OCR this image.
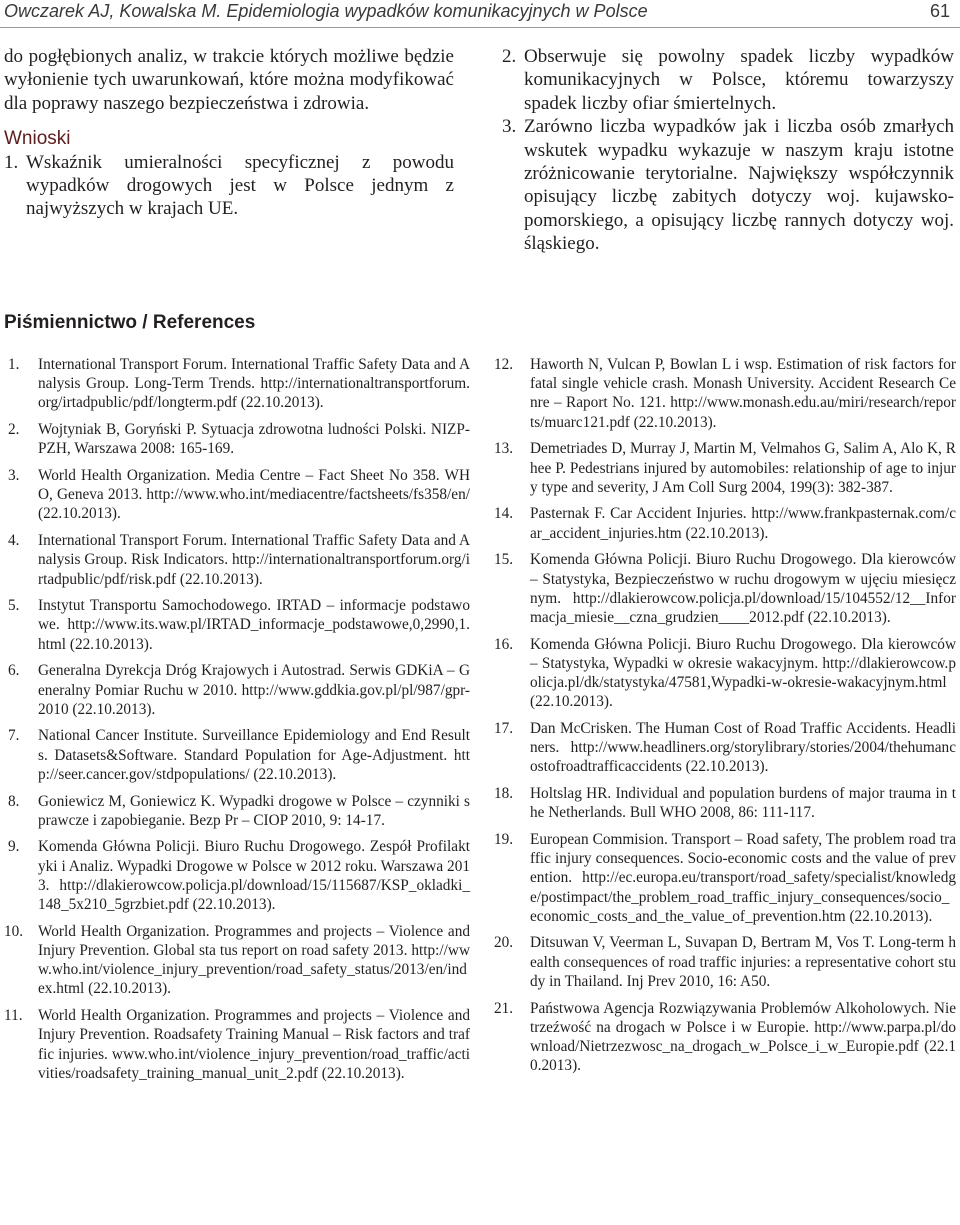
Owczarek AJ, Kowalska M. Epidemiologia wypadków komunikacyjnych w Polsce	61

do pogłębionych analiz, w trakcie których możliwe będzie wyłonienie tych uwarunkowań, które można modyfikować dla poprawy naszego bezpieczeństwa i zdrowia.

Wnioski
1. Wskaźnik umieralności specyficznej z powodu wypadków drogowych jest w Polsce jednym z najwyższych w krajach UE.
2. Obserwuje się powolny spadek liczby wypadków komunikacyjnych w Polsce, któremu towarzyszy spadek liczby ofiar śmiertelnych.
3. Zarówno liczba wypadków jak i liczba osób zmarłych wskutek wypadku wykazuje w naszym kraju istotne zróżnicowanie terytorialne. Największy współczynnik opisujący liczbę zabitych dotyczy woj. kujawsko-pomorskiego, a opisujący liczbę rannych dotyczy woj. śląskiego.
Piśmiennictwo / References
1.	International Transport Forum. International Traffic Safety Data and Analysis Group. Long-Term Trends. http://internationaltransportforum.org/irtadpublic/pdf/longterm.pdf (22.10.2013).
2.	Wojtyniak B, Goryński P. Sytuacja zdrowotna ludności Polski. NIZP-PZH, Warszawa 2008: 165-169.
3.	World Health Organization. Media Centre – Fact Sheet No 358. WHO, Geneva 2013. http://www.who.int/mediacentre/factsheets/fs358/en/ (22.10.2013).
4.	International Transport Forum. International Traffic Safety Data and Analysis Group. Risk Indicators. http://internationaltransportforum.org/irtadpublic/pdf/risk.pdf (22.10.2013).
5.	Instytut Transportu Samochodowego. IRTAD – informacje podstawowe. http://www.its.waw.pl/IRTAD_informacje_podstawowe,0,2990,1.html (22.10.2013).
6.	Generalna Dyrekcja Dróg Krajowych i Autostrad. Serwis GDKiA – Generalny Pomiar Ruchu w 2010. http://www.gddkia.gov.pl/pl/987/gpr-2010 (22.10.2013).
7.	National Cancer Institute. Surveillance Epidemiology and End Results. Datasets&Software. Standard Population for Age-Adjustment. http://seer.cancer.gov/stdpopulations/ (22.10.2013).
8.	Goniewicz M, Goniewicz K. Wypadki drogowe w Polsce – czynniki sprawcze i zapobieganie. Bezp Pr – CIOP 2010, 9: 14-17.
9.	Komenda Główna Policji. Biuro Ruchu Drogowego. Zespół Profilaktyki i Analiz. Wypadki Drogowe w Polsce w 2012 roku. Warszawa 2013. http://dlakierowcow.policja.pl/download/15/115687/KSP_okladki_148_5x210_5grzbiet.pdf (22.10.2013).
10. World Health Organization. Programmes and projects – Violence and Injury Prevention. Global sta tus report on road safety 2013. http://www.who.int/violence_injury_prevention/road_safety_status/2013/en/index.html (22.10.2013).
11.	World Health Organization. Programmes and projects – Violence and Injury Prevention. Roadsafety Training Manual – Risk factors and traffic injuries. www.who.int/violence_injury_prevention/road_traffic/activities/roadsafety_training_manual_unit_2.pdf (22.10.2013).
12.	Haworth N, Vulcan P, Bowlan L i wsp. Estimation of risk factors for fatal single vehicle crash. Monash University. Accident Research Cenre – Raport No. 121. http://www.monash.edu.au/miri/research/reports/muarc121.pdf (22.10.2013).
13.	Demetriades D, Murray J, Martin M, Velmahos G, Salim A, Alo K, Rhee P. Pedestrians injured by automobiles: relationship of age to injury type and severity, J Am Coll Surg 2004, 199(3): 382-387.
14.	Pasternak F. Car Accident Injuries. http://www.frankpasternak.com/car_accident_injuries.htm (22.10.2013).
15.	Komenda Główna Policji. Biuro Ruchu Drogowego. Dla kierowców – Statystyka, Bezpieczeństwo w ruchu drogowym w ujęciu miesięcznym. http://dlakierowcow.policja.pl/download/15/104552/12__Informacja_miesie__czna_grudzien____2012.pdf (22.10.2013).
16.	Komenda Główna Policji. Biuro Ruchu Drogowego. Dla kierowców – Statystyka, Wypadki w okresie wakacyjnym. http://dlakierowcow.policja.pl/dk/statystyka/47581,Wypadki-w-okresie-wakacyjnym.html (22.10.2013).
17.	Dan McCrisken. The Human Cost of Road Traffic Accidents. Headliners. http://www.headliners.org/storylibrary/stories/2004/thehumancostofroadtrafficaccidents (22.10.2013).
18.	Holtslag HR. Individual and population burdens of major trauma in the Netherlands. Bull WHO 2008, 86: 111-117.
19.	European Commision. Transport – Road safety, The problem road traffic injury consequences. Socio-economic costs and the value of prevention. http://ec.europa.eu/transport/road_safety/specialist/knowledge/postimpact/the_problem_road_traffic_injury_consequences/socio_economic_costs_and_the_value_of_prevention.htm (22.10.2013).
20.	Ditsuwan V, Veerman L, Suvapan D, Bertram M, Vos T. Long-term health consequences of road traffic injuries: a representative cohort study in Thailand. Inj Prev 2010, 16: A50.
21.	Państwowa Agencja Rozwiązywania Problemów Alkoholowych. Nietrzeźwość na drogach w Polsce i w Europie. http://www.parpa.pl/download/Nietrzezwosc_na_drogach_w_Polsce_i_w_Europie.pdf (22.10.2013).
